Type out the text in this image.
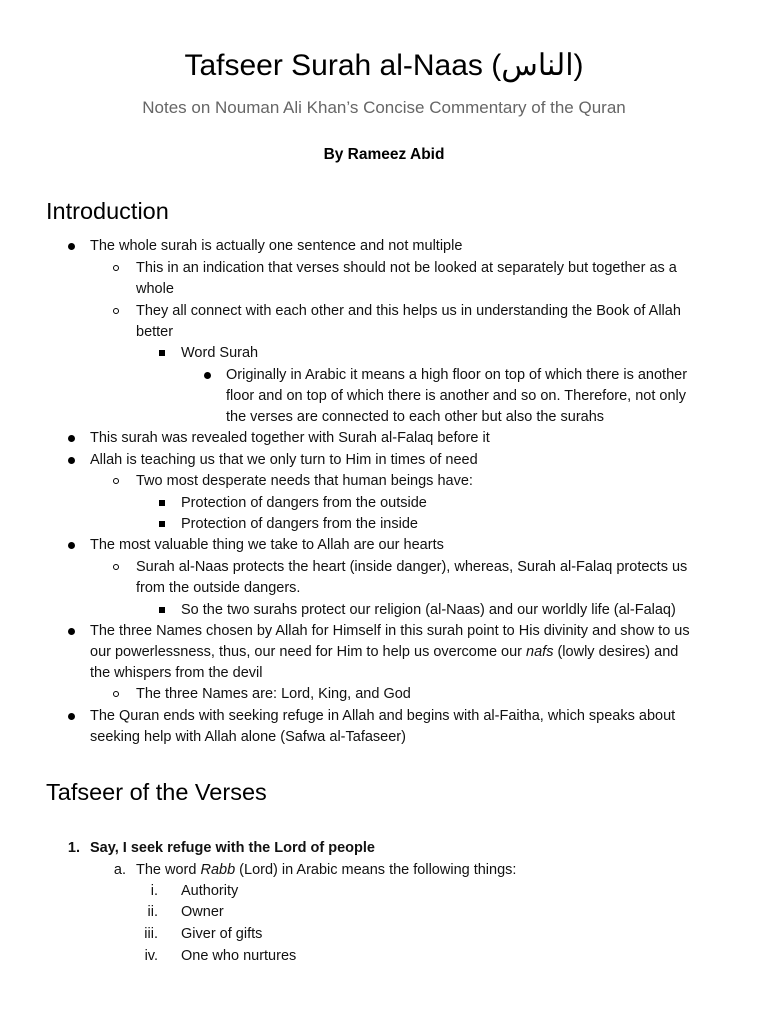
Tafseer Surah al-Naas (الناس)
Notes on Nouman Ali Khan’s Concise Commentary of the Quran
By Rameez Abid
Introduction
The whole surah is actually one sentence and not multiple
This in an indication that verses should not be looked at separately but together as a
whole
They all connect with each other and this helps us in understanding the Book of Allah
better
Word Surah
Originally in Arabic it means a high floor on top of which there is another
floor and on top of which there is another and so on. Therefore, not only
the verses are connected to each other but also the surahs
This surah was revealed together with Surah al-Falaq before it
Allah is teaching us that we only turn to Him in times of need
Two most desperate needs that human beings have:
Protection of dangers from the outside
Protection of dangers from the inside
The most valuable thing we take to Allah are our hearts
Surah al-Naas protects the heart (inside danger), whereas, Surah al-Falaq protects us
from the outside dangers.
So the two surahs protect our religion (al-Naas) and our worldly life (al-Falaq)
The three Names chosen by Allah for Himself in this surah point to His divinity and show to us
our powerlessness, thus, our need for Him to help us overcome our nafs (lowly desires) and
the whispers from the devil
The three Names are: Lord, King, and God
The Quran ends with seeking refuge in Allah and begins with al-Faitha, which speaks about
seeking help with Allah alone (Safwa al-Tafaseer)
Tafseer of the Verses
1. Say, I seek refuge with the Lord of people
a. The word Rabb (Lord) in Arabic means the following things:
i. Authority
ii. Owner
iii. Giver of gifts
iv. One who nurtures
